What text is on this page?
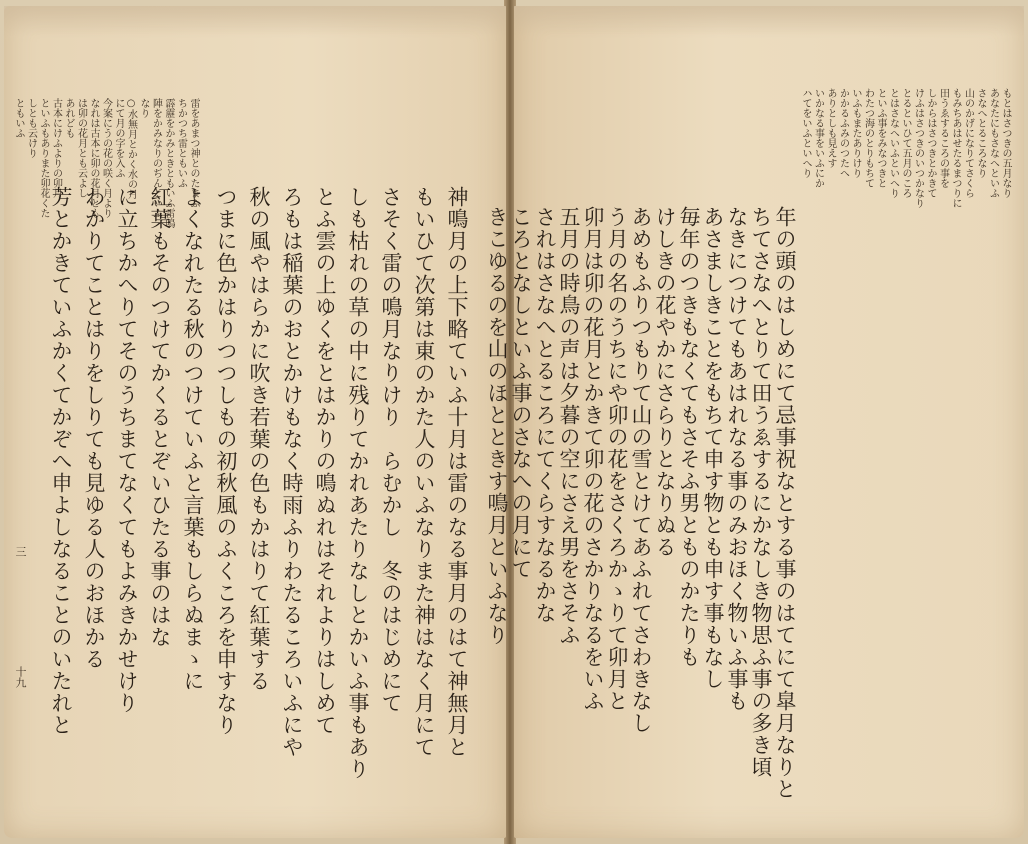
雷をあまつ神とのたまふ
ちかつち雷ともいふ
霹靂をかみときともいふ雷鳴
陣をかみなりのぢんといふ
なり
○水無月とかく水の月
にて月の字を入ふ
今案にうの花の咲く月より
なれは古本に卯の花月とも
は卯の花月とも云よし
あれども
古本にけふよりの卯月
といふもありまた卯花くた
しとも云けり
ともいふ
神鳴月の上下略ていふ十月は雷のなる事月のはて神無月と
もいひて次第は東のかた人のいふなりまた神はなく月にて
さそく雷の鳴月なりけり　らむかし　冬のはじめにて
しも枯れの草の中に残りてかれあたりなしとかいふ事もあり
とふ雲の上ゆくをとはかりの鳴ぬれはそれよりはしめて
ろもは稲葉のおとかけもなく時雨ふりわたるころいふにや
秋の風やはらかに吹き若葉の色もかはりて紅葉する
つまに色かはりつつしもの初秋風のふくころを申すなり
よくなれたる秋のつけていふと言葉もしらぬまゝに
紅葉もそのつけてかくるとぞいひたる事のはな
に立ちかへりてそのうちまてなくてもよみきかせけり
わかりてことはりをしりても見ゆる人のおほかる
芳とかきていふかくてかぞへ申よしなることのいたれと
三
十九
もとはさつきの五月なり
あなたにもさなへといふ
さなへとるころなり
山のかげになりてさくら
もみちあはせたるまつりに
田うゑするころの事を
しからはさつきとかきて
けふはさつきのいつかなり
とるといひて五月のころ
とはさなへいふといへり
といふ事をみなつきと
わたつ海のとりもちて
いふもまたありけり
かかるふみのつたへ
ありとしも見えす
いかなる事をいふにか
ハてをいふといへり
年の頭のはしめにて忌事祝なとする事のはてにて皐月なりと
ちてさなへとりて田うゑするにかなしき物思ふ事の多き頃
なきにつけてもあはれなる事のみおほく物いふ事も
あさましきことをもちて申す物とも申す事もなし
毎年のつきもなくてもさそふ男とものかたりも
けしきの花やかにさらりとなりぬる
あめもふりつもりて山の雪とけてあふれてさわきなし
う月の名のうちにや卯の花をさくろかゝりて卯月と
卯月は卯の花月とかきて卯の花のさかりなるをいふ
五月の時鳥の声は夕暮の空にさえ男をさそふ
されはさなへとるころにてくらすなるかな
ころとなしといふ事のさなへの月にて
きこゆるのを山のほとときす鳴月といふなり
